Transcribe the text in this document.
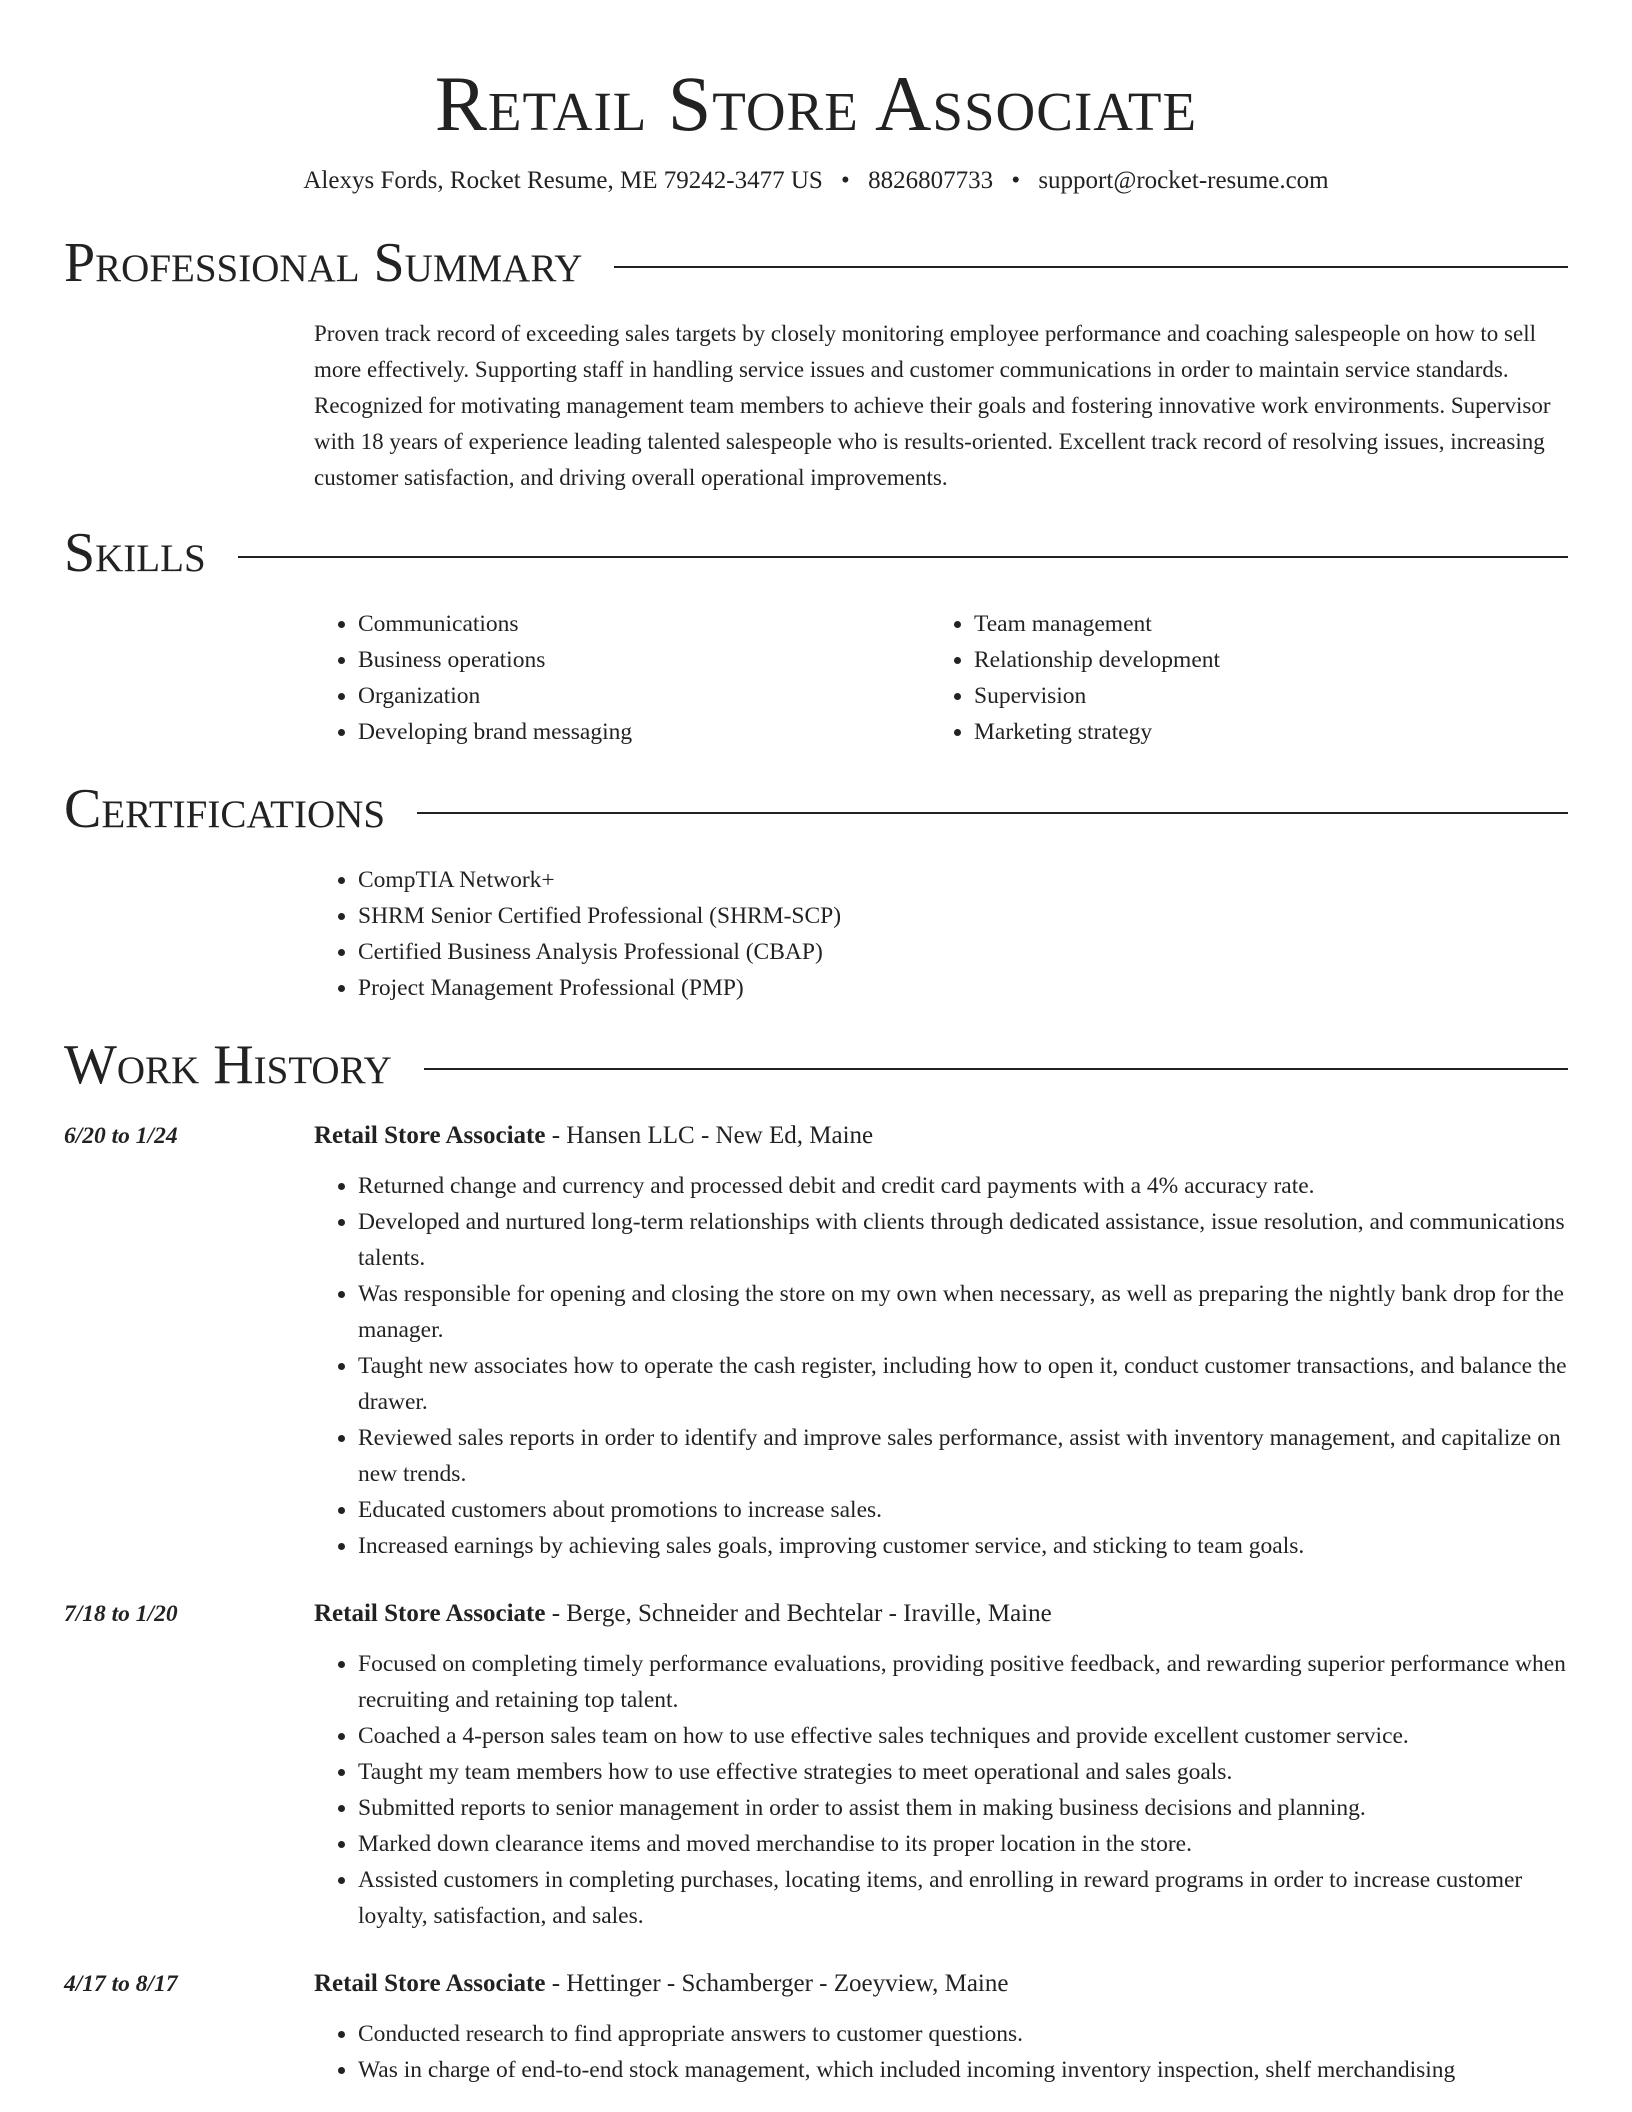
Retail Store Associate
Alexys Fords, Rocket Resume, ME 79242-3477 US • 8826807733 • support@rocket-resume.com
Professional Summary

Proven track record of exceeding sales targets by closely monitoring employee performance and coaching salespeople on how to sell more effectively. Supporting staff in handling service issues and customer communications in order to maintain service standards. Recognized for motivating management team members to achieve their goals and fostering innovative work environments. Supervisor with 18 years of experience leading talented salespeople who is results-oriented. Excellent track record of resolving issues, increasing customer satisfaction, and driving overall operational improvements.

Skills
• Communications
• Business operations
• Organization
• Developing brand messaging
• Team management
• Relationship development
• Supervision
• Marketing strategy
Certifications
• CompTIA Network+
• SHRM Senior Certified Professional (SHRM-SCP)
• Certified Business Analysis Professional (CBAP)
• Project Management Professional (PMP)
Work History
6/20 to 1/24	Retail Store Associate - Hansen LLC - New Ed, Maine
• Returned change and currency and processed debit and credit card payments with a 4% accuracy rate.
• Developed and nurtured long-term relationships with clients through dedicated assistance, issue resolution, and communications talents.
• Was responsible for opening and closing the store on my own when necessary, as well as preparing the nightly bank drop for the manager.
• Taught new associates how to operate the cash register, including how to open it, conduct customer transactions, and balance the drawer.
• Reviewed sales reports in order to identify and improve sales performance, assist with inventory management, and capitalize on new trends.
• Educated customers about promotions to increase sales.
• Increased earnings by achieving sales goals, improving customer service, and sticking to team goals.
7/18 to 1/20	Retail Store Associate - Berge, Schneider and Bechtelar - Iraville, Maine
• Focused on completing timely performance evaluations, providing positive feedback, and rewarding superior performance when recruiting and retaining top talent.
• Coached a 4-person sales team on how to use effective sales techniques and provide excellent customer service.
• Taught my team members how to use effective strategies to meet operational and sales goals.
• Submitted reports to senior management in order to assist them in making business decisions and planning.
• Marked down clearance items and moved merchandise to its proper location in the store.
• Assisted customers in completing purchases, locating items, and enrolling in reward programs in order to increase customer loyalty, satisfaction, and sales.
4/17 to 8/17	Retail Store Associate - Hettinger - Schamberger - Zoeyview, Maine
• Conducted research to find appropriate answers to customer questions.
• Was in charge of end-to-end stock management, which included incoming inventory inspection, shelf merchandising
